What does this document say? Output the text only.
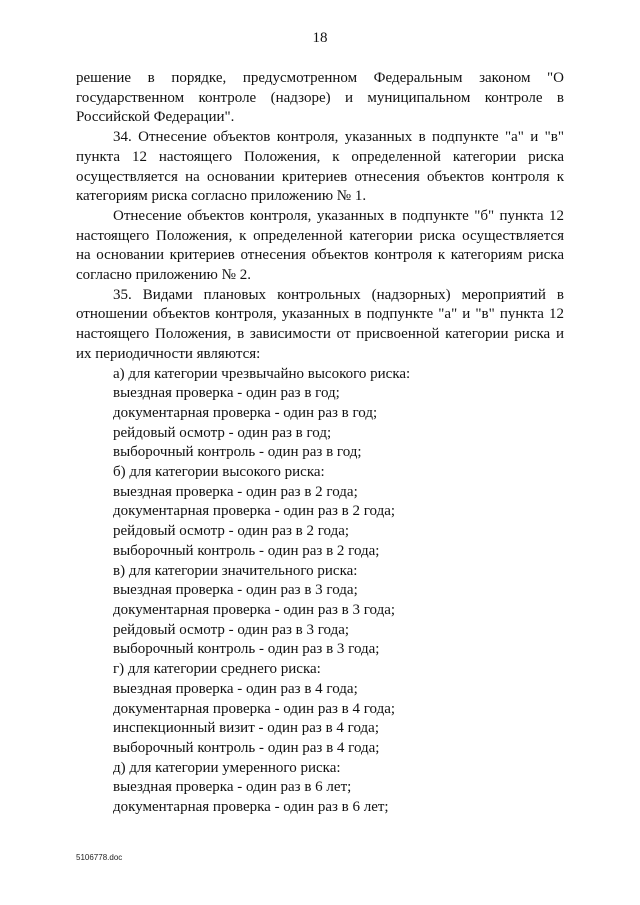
18

решение в порядке, предусмотренном Федеральным законом "О государственном контроле (надзоре) и муниципальном контроле в Российской Федерации".

34. Отнесение объектов контроля, указанных в подпункте "а" и "в" пункта 12 настоящего Положения, к определенной категории риска осуществляется на основании критериев отнесения объектов контроля к категориям риска согласно приложению № 1.

Отнесение объектов контроля, указанных в подпункте "б" пункта 12 настоящего Положения, к определенной категории риска осуществляется на основании критериев отнесения объектов контроля к категориям риска согласно приложению № 2.

35. Видами плановых контрольных (надзорных) мероприятий в отношении объектов контроля, указанных в подпункте "а" и "в" пункта 12 настоящего Положения, в зависимости от присвоенной категории риска и их периодичности являются:

а) для категории чрезвычайно высокого риска:

выездная проверка - один раз в год;

документарная проверка - один раз в год;

рейдовый осмотр - один раз в год;

выборочный контроль - один раз в год;

б) для категории высокого риска:

выездная проверка - один раз в 2 года;

документарная проверка - один раз в 2 года;

рейдовый осмотр - один раз в 2 года;

выборочный контроль - один раз в 2 года;

в) для категории значительного риска:

выездная проверка - один раз в 3 года;

документарная проверка - один раз в 3 года;

рейдовый осмотр - один раз в 3 года;

выборочный контроль - один раз в 3 года;

г) для категории среднего риска:

выездная проверка - один раз в 4 года;

документарная проверка - один раз в 4 года;

инспекционный визит - один раз в 4 года;

выборочный контроль - один раз в 4 года;

д) для категории умеренного риска:

выездная проверка - один раз в 6 лет;

документарная проверка - один раз в 6 лет;

5106778.doc
